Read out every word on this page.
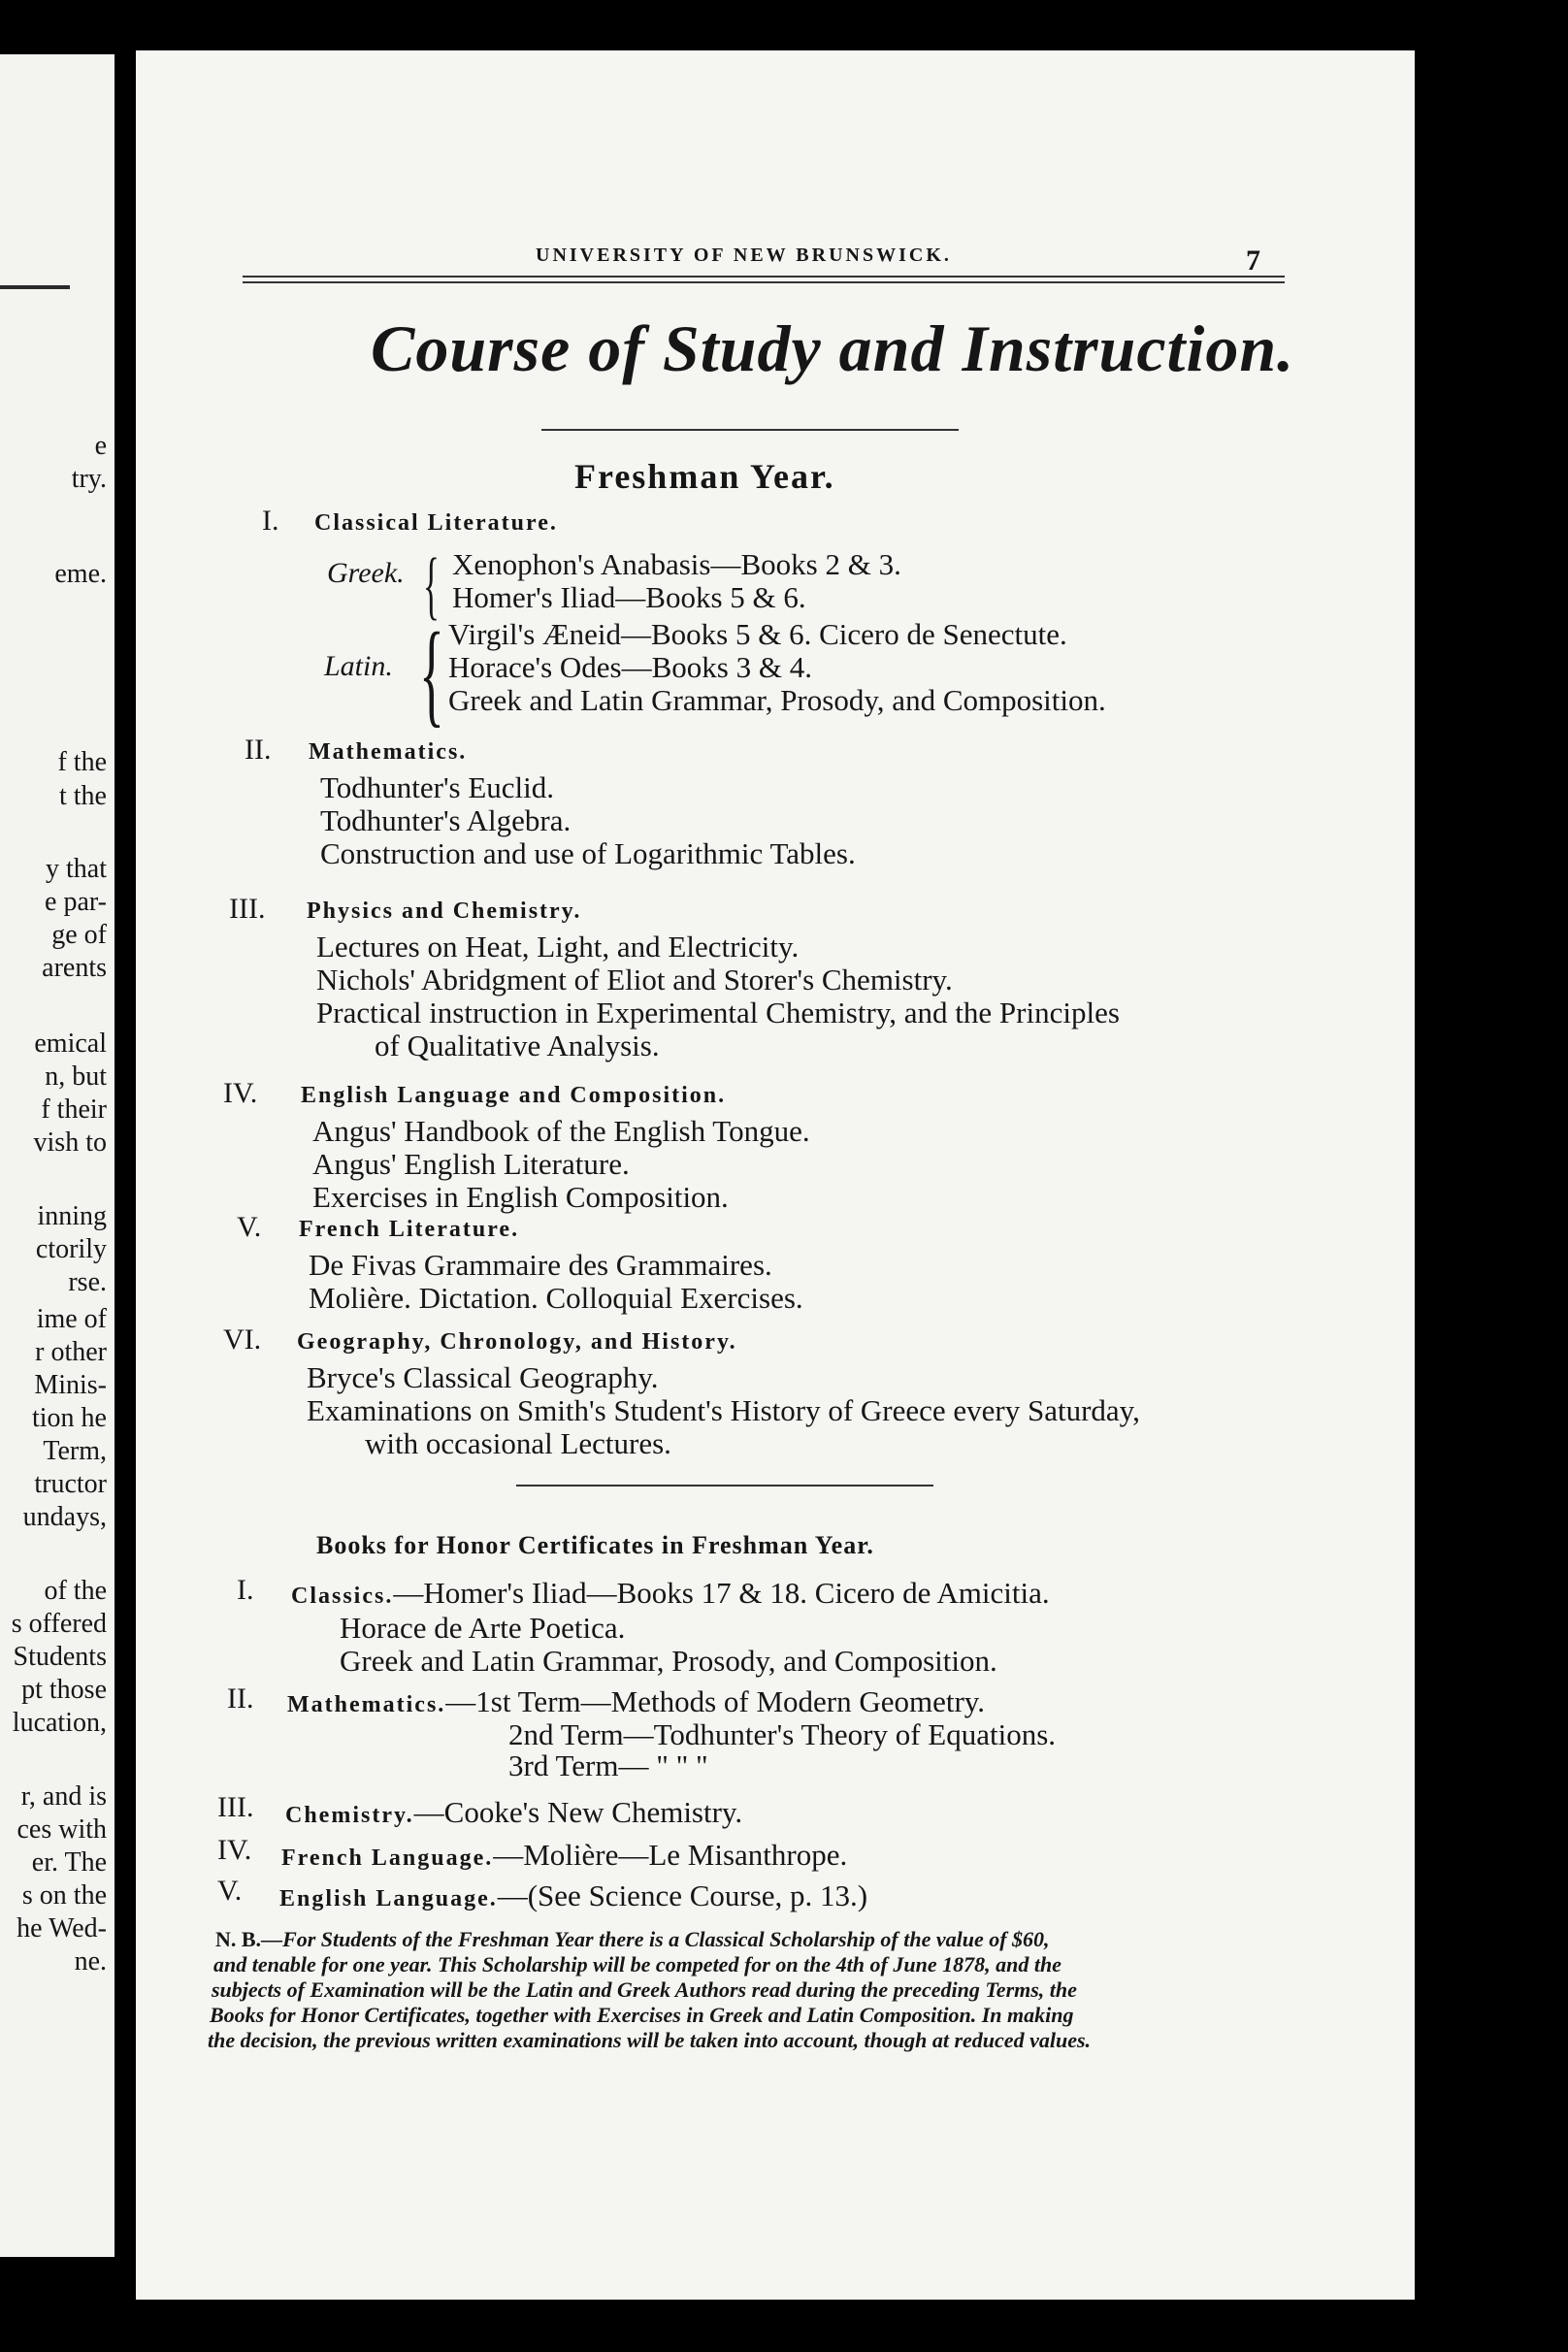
e
try.
eme.
f the
t the
y that
e par-
ge of
arents
emical
n, but
f their
vish to
inning
ctorily
rse.
ime of
r other
Minis-
tion he
Term,
tructor
undays,
of the
s offered
Students
pt those
lucation,
r, and is
ces with
er. The
s on the
he Wed-
ne.
UNIVERSITY OF NEW BRUNSWICK.	7
Course of Study and Instruction.
Freshman Year.
I. Classical Literature.
Greek. { Xenophon's Anabasis—Books 2 & 3.
Homer's Iliad—Books 5 & 6.
Latin. { Virgil's Æneid—Books 5 & 6. Cicero de Senectute.
Horace's Odes—Books 3 & 4.
Greek and Latin Grammar, Prosody, and Composition.
II. Mathematics.
Todhunter's Euclid.
Todhunter's Algebra.
Construction and use of Logarithmic Tables.
III. Physics and Chemistry.
Lectures on Heat, Light, and Electricity.
Nichols' Abridgment of Eliot and Storer's Chemistry.
Practical instruction in Experimental Chemistry, and the Principles
of Qualitative Analysis.
IV. English Language and Composition.
Angus' Handbook of the English Tongue.
Angus' English Literature.
Exercises in English Composition.
V. French Literature.
De Fivas Grammaire des Grammaires.
Molière. Dictation. Colloquial Exercises.
VI. Geography, Chronology, and History.
Bryce's Classical Geography.
Examinations on Smith's Student's History of Greece every Saturday,
with occasional Lectures.
Books for Honor Certificates in Freshman Year.
I. Classics.—Homer's Iliad—Books 17 & 18. Cicero de Amicitia.
Horace de Arte Poetica.
Greek and Latin Grammar, Prosody, and Composition.
II. Mathematics.—1st Term—Methods of Modern Geometry.
2nd Term—Todhunter's Theory of Equations.
3rd Term— " " "
III. Chemistry.—Cooke's New Chemistry.
IV. French Language.—Molière—Le Misanthrope.
V. English Language.—(See Science Course, p. 13.)
N. B.—For Students of the Freshman Year there is a Classical Scholarship of the value of $60,
and tenable for one year. This Scholarship will be competed for on the 4th of June 1878, and the
subjects of Examination will be the Latin and Greek Authors read during the preceding Terms, the
Books for Honor Certificates, together with Exercises in Greek and Latin Composition. In making
the decision, the previous written examinations will be taken into account, though at reduced values.
